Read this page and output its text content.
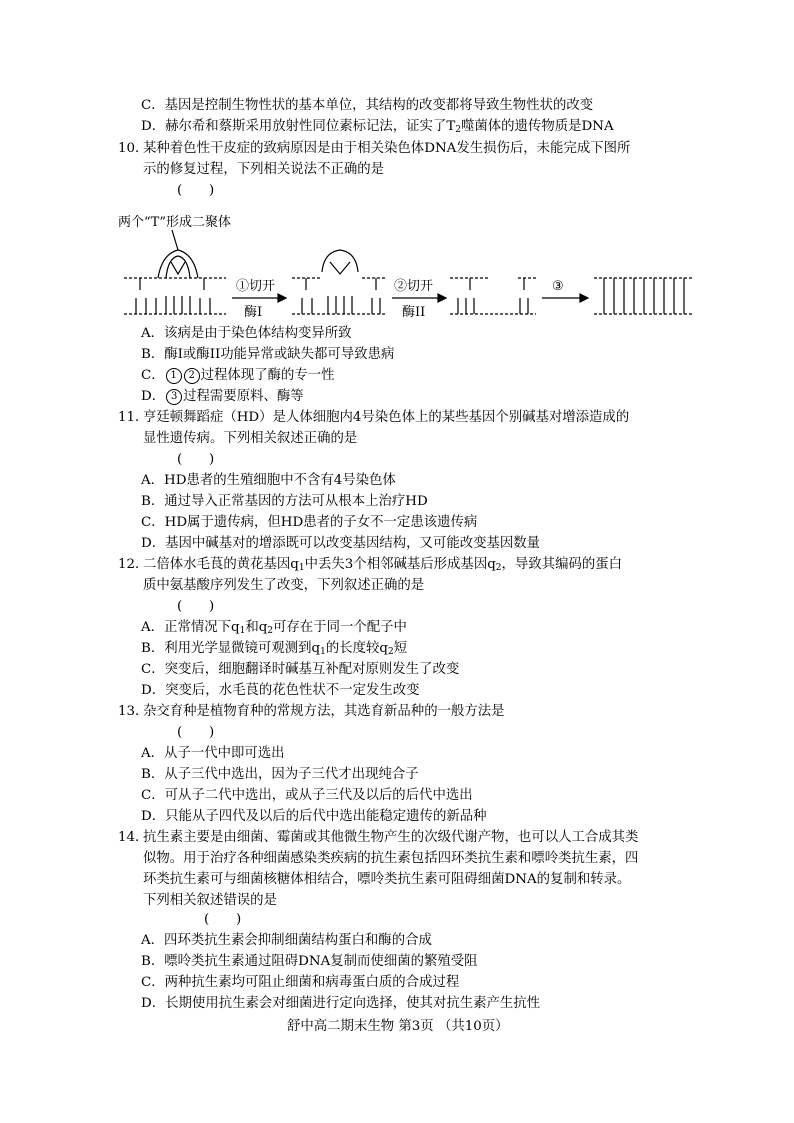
C．基因是控制生物性状的基本单位，其结构的改变都将导致生物性状的改变
D．赫尔希和蔡斯采用放射性同位素标记法，证实了$T_2$噬菌体的遗传物质是DNA
10．
某种着色性干皮症的致病原因是由于相关染色体DNA发生损伤后，未能完成下图所
示的修复过程，下列相关说法不正确的是
(　　)
两个“T”形成二聚体
①切开
酶I
②切开
酶II
③
A．该病是由于染色体结构变异所致
B．酶I或酶II功能异常或缺失都可导致患病
C． 1 2 过程体现了酶的专一性
D． 3 过程需要原料、酶等
11．
亨廷顿舞蹈症（HD）是人体细胞内4号染色体上的某些基因个别碱基对增添造成的
显性遗传病。下列相关叙述正确的是
(　　)
A．HD患者的生殖细胞中不含有4号染色体
B．通过导入正常基因的方法可从根本上治疗HD
C．HD属于遗传病，但HD患者的子女不一定患该遗传病
D．基因中碱基对的增添既可以改变基因结构，又可能改变基因数量
12．
二倍体水毛茛的黄花基因$q_1$中丢失3个相邻碱基后形成基因$q_2$，导致其编码的蛋白
质中氨基酸序列发生了改变，下列叙述正确的是
(　　)
A．正常情况下$q_1$和$q_2$可存在于同一个配子中
B．利用光学显微镜可观测到$q_1$的长度较$q_2$短
C．突变后，细胞翻译时碱基互补配对原则发生了改变
D．突变后，水毛茛的花色性状不一定发生改变
13．
杂交育种是植物育种的常规方法，其选育新品种的一般方法是
(　　)
A．从子一代中即可选出
B．从子三代中选出，因为子三代才出现纯合子
C．可从子二代中选出，或从子三代及以后的后代中选出
D．只能从子四代及以后的后代中选出能稳定遗传的新品种
14．
抗生素主要是由细菌、霉菌或其他微生物产生的次级代谢产物，也可以人工合成其类
似物。用于治疗各种细菌感染类疾病的抗生素包括四环类抗生素和嘌呤类抗生素，四
环类抗生素可与细菌核糖体相结合，嘌呤类抗生素可阻碍细菌DNA的复制和转录。
下列相关叙述错误的是
(　　)
A．四环类抗生素会抑制细菌结构蛋白和酶的合成
B．嘌呤类抗生素通过阻碍DNA复制而使细菌的繁殖受阻
C．两种抗生素均可阻止细菌和病毒蛋白质的合成过程
D．长期使用抗生素会对细菌进行定向选择，使其对抗生素产生抗性
舒中高二期末生物 第3页 （共10页）
